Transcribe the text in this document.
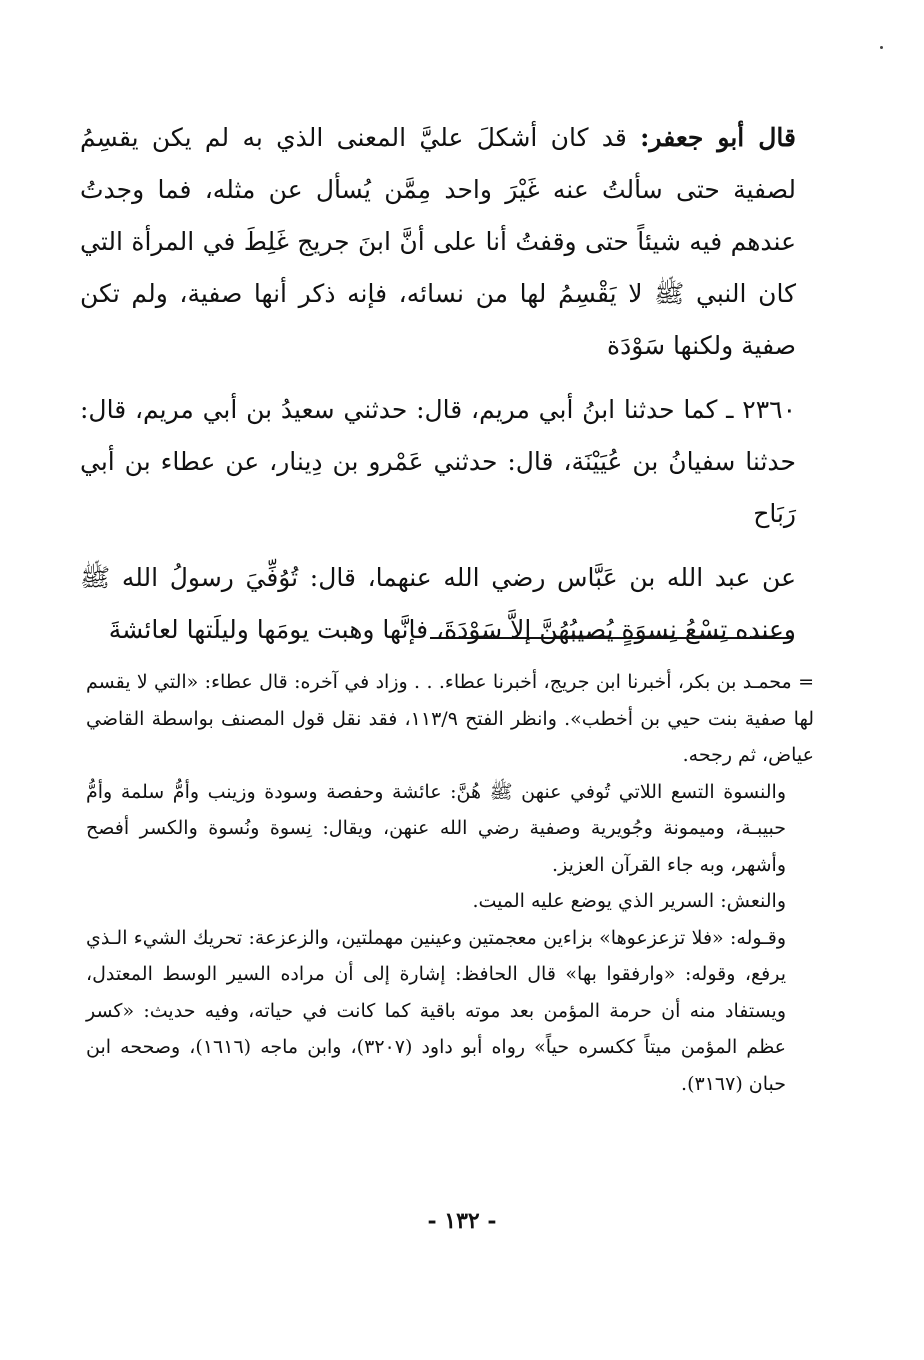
قال أبو جعفر: قد كان أشكلَ عليَّ المعنى الذي به لم يكن يقسِمُ لصفية حتى سألتُ عنه غَيْرَ واحد مِمَّن يُسأل عن مثله، فما وجدتُ عندهم فيه شيئاً حتى وقفتُ أنا على أنَّ ابنَ جريج غَلِطَ في المرأة التي كان النبي ﷺ لا يَقْسِمُ لها من نسائه، فإنه ذكر أنها صفية، ولم تكن صفية ولكنها سَوْدَة

٢٣٦٠ ـ كما حدثنا ابنُ أبي مريم، قال: حدثني سعيدُ بن أبي مريم، قال: حدثنا سفيانُ بن عُيَيْنَة، قال: حدثني عَمْرو بن دِينار، عن عطاء بن أبي رَبَاح

عن عبد الله بن عَبَّاس رضي الله عنهما، قال: تُوُفِّيَ رسولُ الله ﷺ وعنده تِسْعُ نِسوَةٍ يُصيبُهُنَّ إلاَّ سَوْدَةَ، فإنَّها وهبت يومَها وليلَتها لعائشةَ

= محمـد بن بكر، أخبرنا ابن جريج، أخبرنا عطاء. . . وزاد في آخره: قال عطاء: «التي لا يقسم لها صفية بنت حيي بن أخطب». وانظر الفتح ١١٣/٩، فقد نقل قول المصنف بواسطة القاضي عياض، ثم رجحه.

والنسوة التسع اللاتي تُوفي عنهن ﷺ هُنَّ: عائشة وحفصة وسودة وزينب وأمُّ سلمة وأمُّ حبيبـة، وميمونة وجُويرية وصفية رضي الله عنهن، ويقال: نِسوة ونُسوة والكسر أفصح وأشهر، وبه جاء القرآن العزيز.

والنعش: السرير الذي يوضع عليه الميت.

وقـوله: «فلا تزعزعوها» بزاءين معجمتين وعينين مهملتين، والزعزعة: تحريك الشيء الـذي يرفع، وقوله: «وارفقوا بها» قال الحافظ: إشارة إلى أن مراده السير الوسط المعتدل، ويستفاد منه أن حرمة المؤمن بعد موته باقية كما كانت في حياته، وفيه حديث: «كسر عظم المؤمن ميتاً ككسره حياً» رواه أبو داود (٣٢٠٧)، وابن ماجه (١٦١٦)، وصححه ابن حبان (٣١٦٧).

- ١٣٢ -
